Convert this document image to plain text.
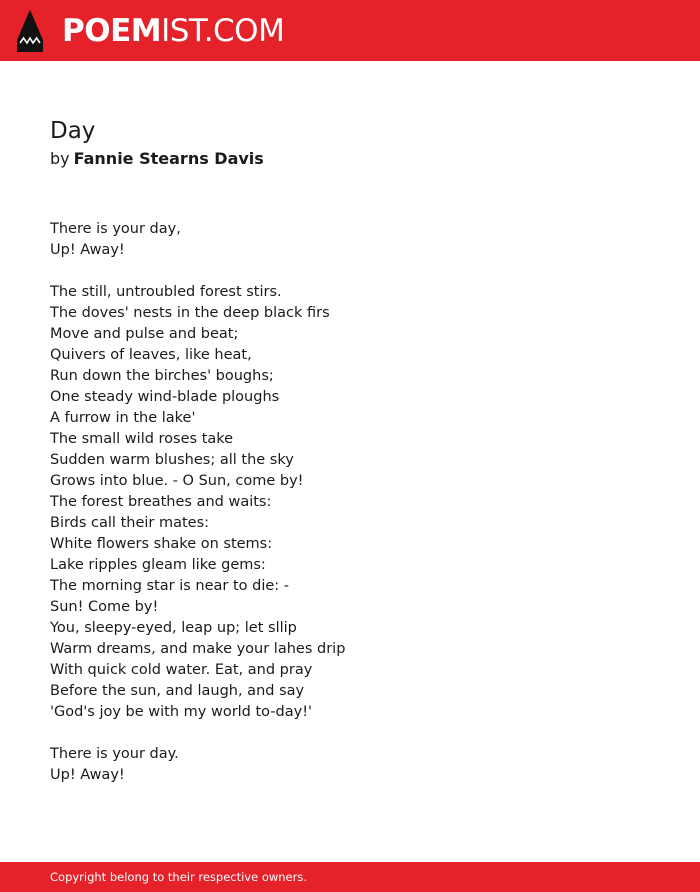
POEMIST.COM
Day
by Fannie Stearns Davis
There is your day,
Up! Away!
The still, untroubled forest stirs.
The doves' nests in the deep black firs
Move and pulse and beat;
Quivers of leaves, like heat,
Run down the birches' boughs;
One steady wind-blade ploughs
A furrow in the lake'
The small wild roses take
Sudden warm blushes; all the sky
Grows into blue. - O Sun, come by!
The forest breathes and waits:
Birds call their mates:
White flowers shake on stems:
Lake ripples gleam like gems:
The morning star is near to die: -
Sun! Come by!
You, sleepy-eyed, leap up; let sllip
Warm dreams, and make your lahes drip
With quick cold water. Eat, and pray
Before the sun, and laugh, and say
'God's joy be with my world to-day!'
There is your day.
Up! Away!
Copyright belong to their respective owners.
